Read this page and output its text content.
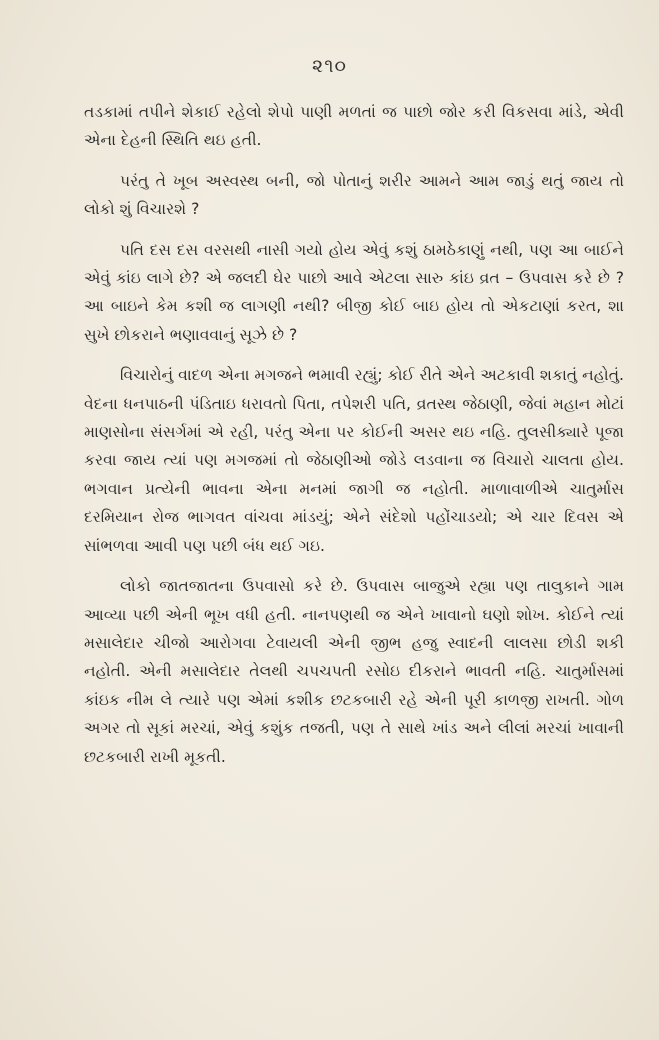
૨૧૦

તડકામાં તપીને શેકાઈ રહેલો શેપો પાણી મળતાં જ પાછો જોર કરી વિકસવા માંડે, એવી એના દેહની સ્થિતિ થઇ હતી.

પરંતુ તે ખૂબ અસ્વસ્થ બની, જો પોતાનું શરીર આમને આમ જાડું થતું જાય તો લોકો શું વિચારશે ?

પતિ દસ દસ વરસથી નાસી ગયો હોય એવું કશું ઠામઠેકાણું નથી, પણ આ બાઈને એવું કાંઇ લાગે છે? એ જલદી ઘેર પાછો આવે એટલા સારુ કાંઇ વ્રત – ઉપવાસ કરે છે ? આ બાઇને કેમ કશી જ લાગણી નથી? બીજી કોઈ બાઇ હોય તો એકટાણાં કરત, શા સુખે છોકરાને ભણાવવાનું સૂઝે છે ?

વિચારોનું વાદળ એના મગજને ભમાવી રહ્યું; કોઈ રીતે એને અટકાવી શકાતું નહોતું. વેદના ધનપાઠની પંડિતાઇ ધરાવતો પિતા, તપેશરી પતિ, વ્રતસ્થ જેઠાણી, જેવાં મહાન મોટાં માણસોના સંસર્ગમાં એ રહી, પરંતુ એના પર કોઈની અસર થઇ નહિ. તુલસીક્યારે પૂજા કરવા જાય ત્યાં પણ મગજમાં તો જેઠાણીઓ જોડે લડવાના જ વિચારો ચાલતા હોય. ભગવાન પ્રત્યેની ભાવના એના મનમાં જાગી જ નહોતી. માળાવાળીએ ચાતુર્માસ દરમિયાન રોજ ભાગવત વાંચવા માંડયું; એને સંદેશો પહોંચાડયો; એ ચાર દિવસ એ સાંભળવા આવી પણ પછી બંધ થઈ ગઇ.

લોકો જાતજાતના ઉપવાસો કરે છે. ઉપવાસ બાજુએ રહ્યા પણ તાલુકાને ગામ આવ્યા પછી એની ભૂખ વધી હતી. નાનપણથી જ એને ખાવાનો ઘણો શોખ. કોઈને ત્યાં મસાલેદાર ચીજો આરોગવા ટેવાયલી એની જીભ હજુ સ્વાદની લાલસા છોડી શકી નહોતી. એની મસાલેદાર તેલથી ચપચપતી રસોઇ દીકરાને ભાવતી નહિ. ચાતુર્માસમાં કાંઇક નીમ લે ત્યારે પણ એમાં કશીક છટકબારી રહે એની પૂરી કાળજી રાખતી. ગોળ અગર તો સૂકાં મરચાં, એવું કશુંક તજતી, પણ તે સાથે ખાંડ અને લીલાં મરચાં ખાવાની છટકબારી રાખી મૂકતી.
